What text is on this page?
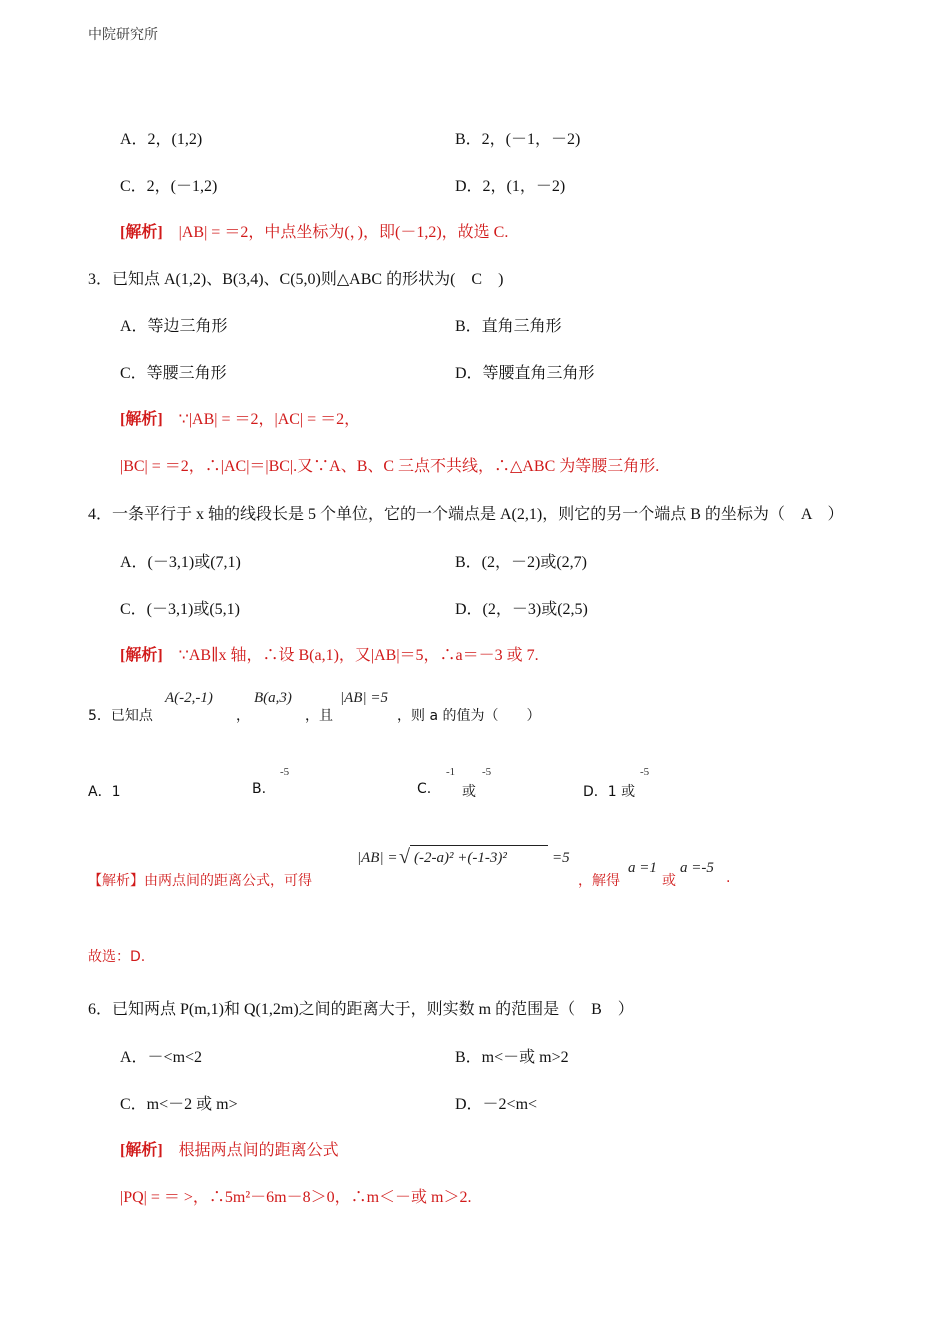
中院研究所
A．2，(1,2)	B．2，(－1，－2)
C．2，(－1,2)	D．2，(1，－2)
[解析] |AB| = ＝2，中点坐标为(，)，即(－1,2)，故选 C.
3．已知点 A(1,2)、B(3,4)、C(5,0)则△ABC 的形状为(　C　)
A．等边三角形	B．直角三角形
C．等腰三角形	D．等腰直角三角形
[解析] ∵|AB| = ＝2，|AC| = ＝2，
|BC| = ＝2，∴|AC|＝|BC|.又∵A、B、C 三点不共线，∴△ABC 为等腰三角形.
4．一条平行于 x 轴的线段长是 5 个单位，它的一个端点是 A(2,1)，则它的另一个端点 B 的坐标为（　A　）
A．(－3,1)或(7,1)	B．(2，－2)或(2,7)
C．(－3,1)或(5,1)	D．(2，－3)或(2,5)
[解析] ∵AB∥x 轴，∴设 B(a,1)，又|AB|＝5，∴a＝－3 或 7.
5．已知点
A(-2,-1)
，
B(a,3)
，且
|AB| =5
，则 a 的值为（　　）
A．1	B.
-5
C.
-1
或
-5
D．1 或
-5
【解析】由两点间的距离公式，可得
|AB| = √ (-2-a)² +(-1-3)²	=5
，解得
a =1
或
a =-5
.
故选：D.
6．已知两点 P(m,1)和 Q(1,2m)之间的距离大于，则实数 m 的范围是（　B　）
A．－<m<2	B．m<－或 m>2
C．m<－2 或 m>	D．－2<m<
[解析] 根据两点间的距离公式
|PQ| = ＝ >，∴5m²－6m－8＞0，∴m＜－或 m＞2.
